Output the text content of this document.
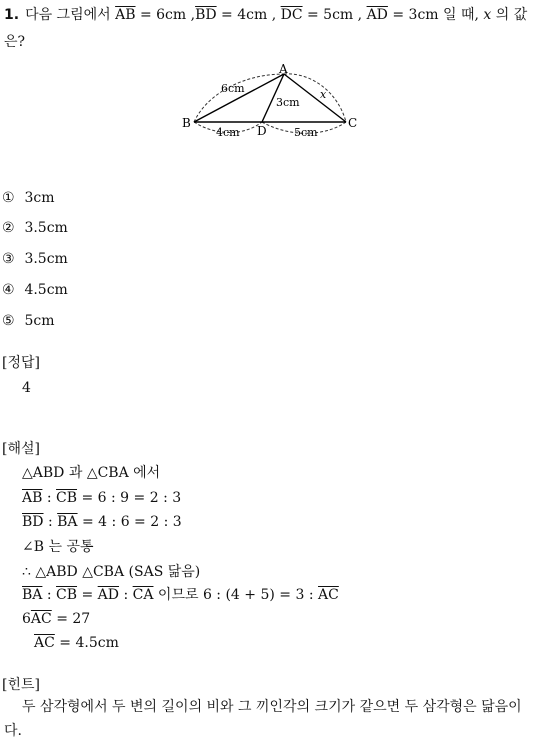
1. 다음 그림에서 $\overline{AB} = 6cm$ $,\overline{BD} = 4cm$ , $\overline{DC} = 5cm$ , $\overline{AD} = 3cm$ 일 때, x 의 값은?
A
B	C
D
6cm
3cm
x
4cm	5cm
① 3cm
② 3.5cm
③ 3.5cm
④ 4.5cm
⑤ 5cm
[정답]
4
[해설]
△ABD 과 △CBA 에서
$\overline{AB}$ : $\overline{CB} = 6$ : 9 = 2 : 3
$\overline{BD}$ : $\overline{BA} = 4$ : 6 = 2 : 3
∠B 는 공통
∴ △ABD △CBA (SAS 닮음)
$\overline{BA}$ : $\overline{CB} = \overline{AD}$ : $\overline{CA}$ 이므로 6 : (4 + 5) = 3 : $\overline{AC}$
$6\overline{AC} = 27$
$\overline{AC} = 4.5cm$
[힌트]
두 삼각형에서 두 변의 길이의 비와 그 끼인각의 크기가 같으면 두 삼각형은 닮음이다.
